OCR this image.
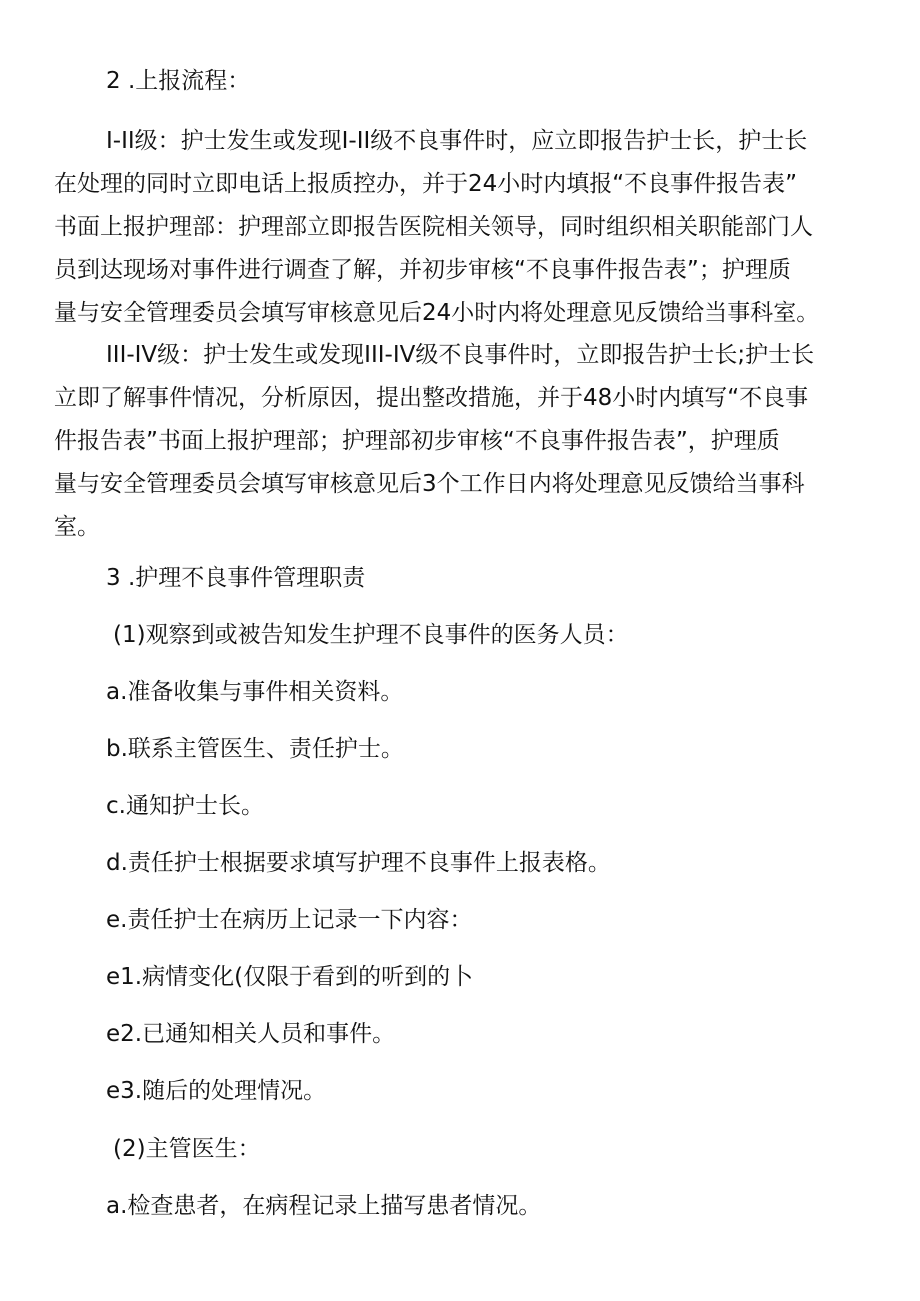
2 .上报流程：
I-II级：护士发生或发现I-II级不良事件时，应立即报告护士长，护士长
在处理的同时立即电话上报质控办，并于24小时内填报“不良事件报告表”
书面上报护理部：护理部立即报告医院相关领导，同时组织相关职能部门人
员到达现场对事件进行调查了解，并初步审核“不良事件报告表”；护理质
量与安全管理委员会填写审核意见后24小时内将处理意见反馈给当事科室。
III-IV级：护士发生或发现III-IV级不良事件时，立即报告护士长;护士长
立即了解事件情况，分析原因，提出整改措施，并于48小时内填写“不良事
件报告表”书面上报护理部；护理部初步审核“不良事件报告表”，护理质
量与安全管理委员会填写审核意见后3个工作日内将处理意见反馈给当事科
室。
3 .护理不良事件管理职责
(1)观察到或被告知发生护理不良事件的医务人员：
a.准备收集与事件相关资料。
b.联系主管医生、责任护士。
c.通知护士长。
d.责任护士根据要求填写护理不良事件上报表格。
e.责任护士在病历上记录一下内容：
e1.病情变化(仅限于看到的听到的卜
e2.已通知相关人员和事件。
e3.随后的处理情况。
(2)主管医生：
a.检查患者，在病程记录上描写患者情况。
